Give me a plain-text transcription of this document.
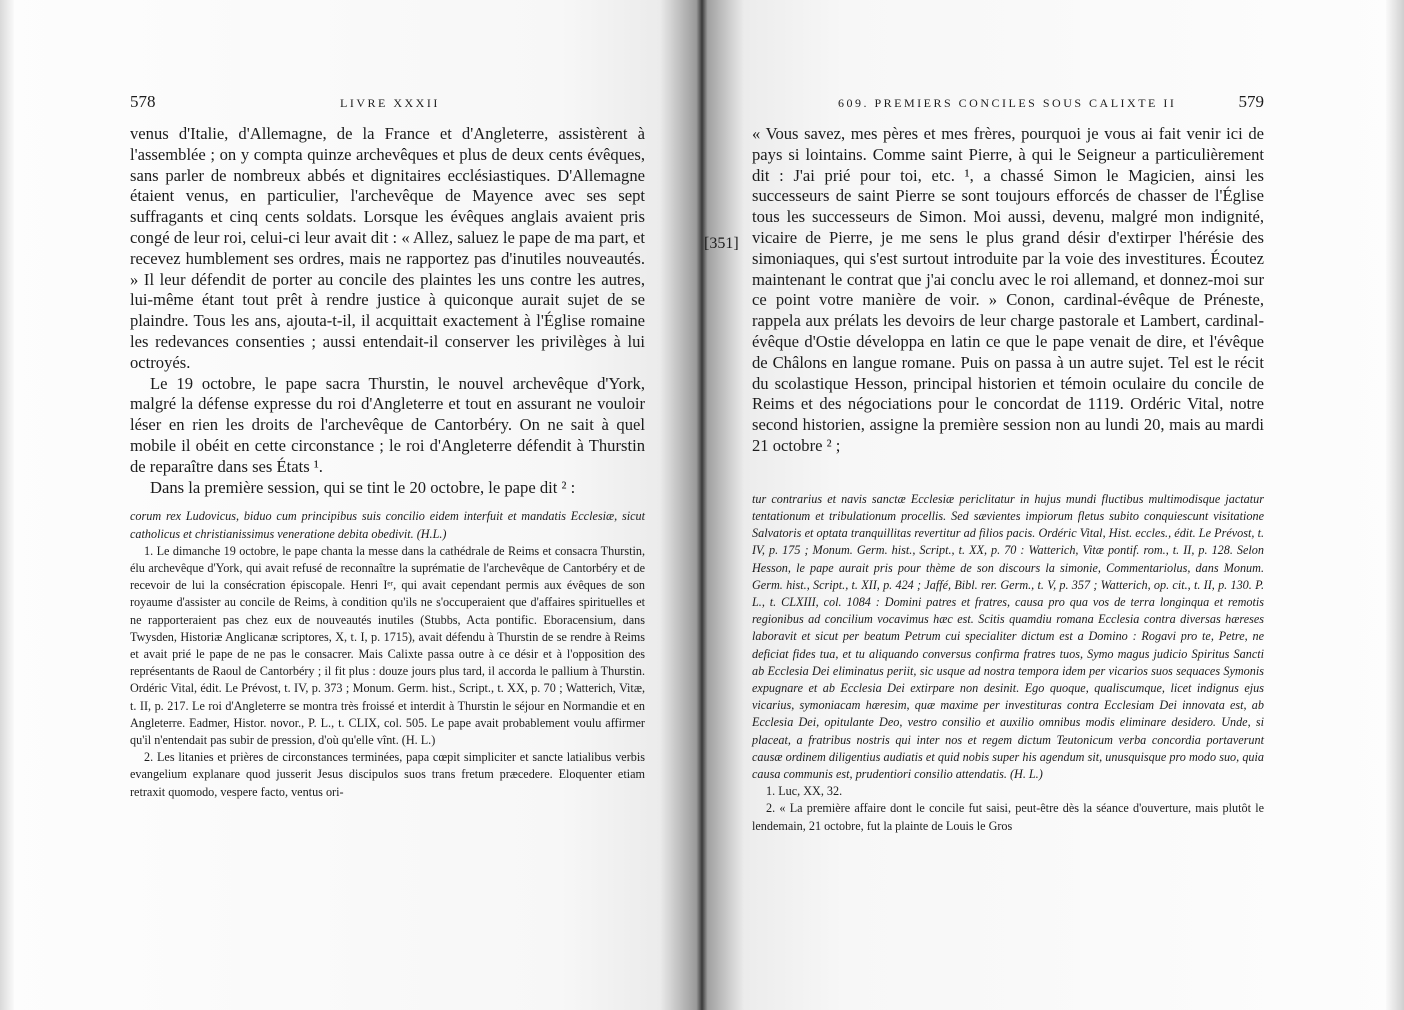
578	LIVRE XXXII

venus d'Italie, d'Allemagne, de la France et d'Angleterre, assistèrent à l'assemblée ; on y compta quinze archevêques et plus de deux cents évêques, sans parler de nombreux abbés et dignitaires ecclésiastiques. D'Allemagne étaient venus, en particulier, l'archevêque de Mayence avec ses sept suffragants et cinq cents soldats. Lorsque les évêques anglais avaient pris congé de leur roi, celui-ci leur avait dit : « Allez, saluez le pape de ma part, et recevez humblement ses ordres, mais ne rapportez pas d'inutiles nouveautés. » Il leur défendit de porter au concile des plaintes les uns contre les autres, lui-même étant tout prêt à rendre justice à quiconque aurait sujet de se plaindre. Tous les ans, ajouta-t-il, il acquittait exactement à l'Église romaine les redevances consenties ; aussi entendait-il conserver les privilèges à lui octroyés.

Le 19 octobre, le pape sacra Thurstin, le nouvel archevêque d'York, malgré la défense expresse du roi d'Angleterre et tout en assurant ne vouloir léser en rien les droits de l'archevêque de Cantorbéry. On ne sait à quel mobile il obéit en cette circonstance ; le roi d'Angleterre défendit à Thurstin de reparaître dans ses États ¹.

Dans la première session, qui se tint le 20 octobre, le pape dit ² :

corum rex Ludovicus, biduo cum principibus suis concilio eidem interfuit et mandatis Ecclesiæ, sicut catholicus et christianissimus veneratione debita obedivit. (H.L.)

1. Le dimanche 19 octobre, le pape chanta la messe dans la cathédrale de Reims et consacra Thurstin, élu archevêque d'York, qui avait refusé de reconnaître la suprématie de l'archevêque de Cantorbéry et de recevoir de lui la consécration épiscopale. Henri Iᵉʳ, qui avait cependant permis aux évêques de son royaume d'assister au concile de Reims, à condition qu'ils ne s'occuperaient que d'affaires spirituelles et ne rapporteraient pas chez eux de nouveautés inutiles (Stubbs, Acta pontific. Eboracensium, dans Twysden, Historiæ Anglicanæ scriptores, X, t. I, p. 1715), avait défendu à Thurstin de se rendre à Reims et avait prié le pape de ne pas le consacrer. Mais Calixte passa outre à ce désir et à l'opposition des représentants de Raoul de Cantorbéry ; il fit plus : douze jours plus tard, il accorda le pallium à Thurstin. Ordéric Vital, édit. Le Prévost, t. IV, p. 373 ; Monum. Germ. hist., Script., t. XX, p. 70 ; Watterich, Vitæ, t. II, p. 217. Le roi d'Angleterre se montra très froissé et interdit à Thurstin le séjour en Normandie et en Angleterre. Eadmer, Histor. novor., P. L., t. CLIX, col. 505. Le pape avait probablement voulu affirmer qu'il n'entendait pas subir de pression, d'où qu'elle vînt. (H. L.)

2. Les litanies et prières de circonstances terminées, papa cœpit simpliciter et sancte latialibus verbis evangelium explanare quod jusserit Jesus discipulos suos trans fretum præcedere. Eloquenter etiam retraxit quomodo, vespere facto, ventus ori-

609. PREMIERS CONCILES SOUS CALIXTE II	579
[351]

« Vous savez, mes pères et mes frères, pourquoi je vous ai fait venir ici de pays si lointains. Comme saint Pierre, à qui le Seigneur a particulièrement dit : J'ai prié pour toi, etc. ¹, a chassé Simon le Magicien, ainsi les successeurs de saint Pierre se sont toujours efforcés de chasser de l'Église tous les successeurs de Simon. Moi aussi, devenu, malgré mon indignité, vicaire de Pierre, je me sens le plus grand désir d'extirper l'hérésie des simoniaques, qui s'est surtout introduite par la voie des investitures. Écoutez maintenant le contrat que j'ai conclu avec le roi allemand, et donnez-moi sur ce point votre manière de voir. » Conon, cardinal-évêque de Préneste, rappela aux prélats les devoirs de leur charge pastorale et Lambert, cardinal-évêque d'Ostie développa en latin ce que le pape venait de dire, et l'évêque de Châlons en langue romane. Puis on passa à un autre sujet. Tel est le récit du scolastique Hesson, principal historien et témoin oculaire du concile de Reims et des négociations pour le concordat de 1119. Ordéric Vital, notre second historien, assigne la première session non au lundi 20, mais au mardi 21 octobre ² ;

tur contrarius et navis sanctæ Ecclesiæ periclitatur in hujus mundi fluctibus multimodisque jactatur tentationum et tribulationum procellis. Sed sævientes impiorum fletus subito conquiescunt visitatione Salvatoris et optata tranquillitas revertitur ad filios pacis. Ordéric Vital, Hist. eccles., édit. Le Prévost, t. IV, p. 175 ; Monum. Germ. hist., Script., t. XX, p. 70 : Watterich, Vitæ pontif. rom., t. II, p. 128. Selon Hesson, le pape aurait pris pour thème de son discours la simonie, Commentariolus, dans Monum. Germ. hist., Script., t. XII, p. 424 ; Jaffé, Bibl. rer. Germ., t. V, p. 357 ; Watterich, op. cit., t. II, p. 130. P. L., t. CLXIII, col. 1084 : Domini patres et fratres, causa pro qua vos de terra longinqua et remotis regionibus ad concilium vocavimus hæc est. Scitis quamdiu romana Ecclesia contra diversas hæreses laboravit et sicut per beatum Petrum cui specialiter dictum est a Domino : Rogavi pro te, Petre, ne deficiat fides tua, et tu aliquando conversus confirma fratres tuos, Symo magus judicio Spiritus Sancti ab Ecclesia Dei eliminatus periit, sic usque ad nostra tempora idem per vicarios suos sequaces Symonis expugnare et ab Ecclesia Dei extirpare non desinit. Ego quoque, qualiscumque, licet indignus ejus vicarius, symoniacam hæresim, quæ maxime per investituras contra Ecclesiam Dei innovata est, ab Ecclesia Dei, opitulante Deo, vestro consilio et auxilio omnibus modis eliminare desidero. Unde, si placeat, a fratribus nostris qui inter nos et regem dictum Teutonicum verba concordia portaverunt causæ ordinem diligentius audiatis et quid nobis super his agendum sit, unusquisque pro modo suo, quia causa communis est, prudentiori consilio attendatis. (H. L.)

1. Luc, XX, 32.

2. « La première affaire dont le concile fut saisi, peut-être dès la séance d'ouverture, mais plutôt le lendemain, 21 octobre, fut la plainte de Louis le Gros
